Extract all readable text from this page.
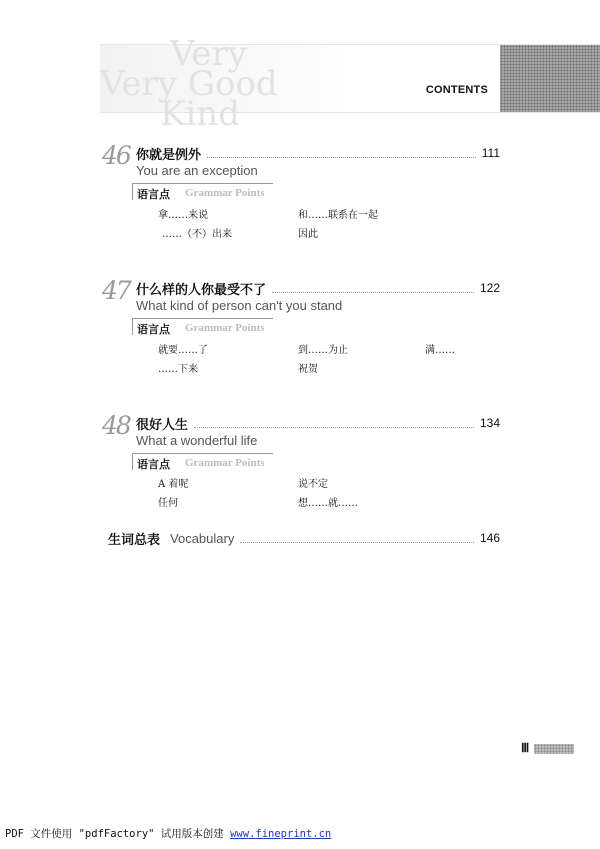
Very
Very Good
Kind
CONTENTS
46 你就是例外	111
You are an exception
语言点 Grammar Points
拿……来说	和……联系在一起
……（不）出来	因此
47 什么样的人你最受不了	122
What kind of person can't you stand
语言点 Grammar Points
就要……了	到……为止	满……
……下来	祝贺
48 很好人生	134
What a wonderful life
语言点 Grammar Points
A 着呢	说不定
任何	想……就……
生词总表 Vocabulary	146
Ⅲ
PDF 文件使用 "pdfFactory" 试用版本创建 www.fineprint.cn
